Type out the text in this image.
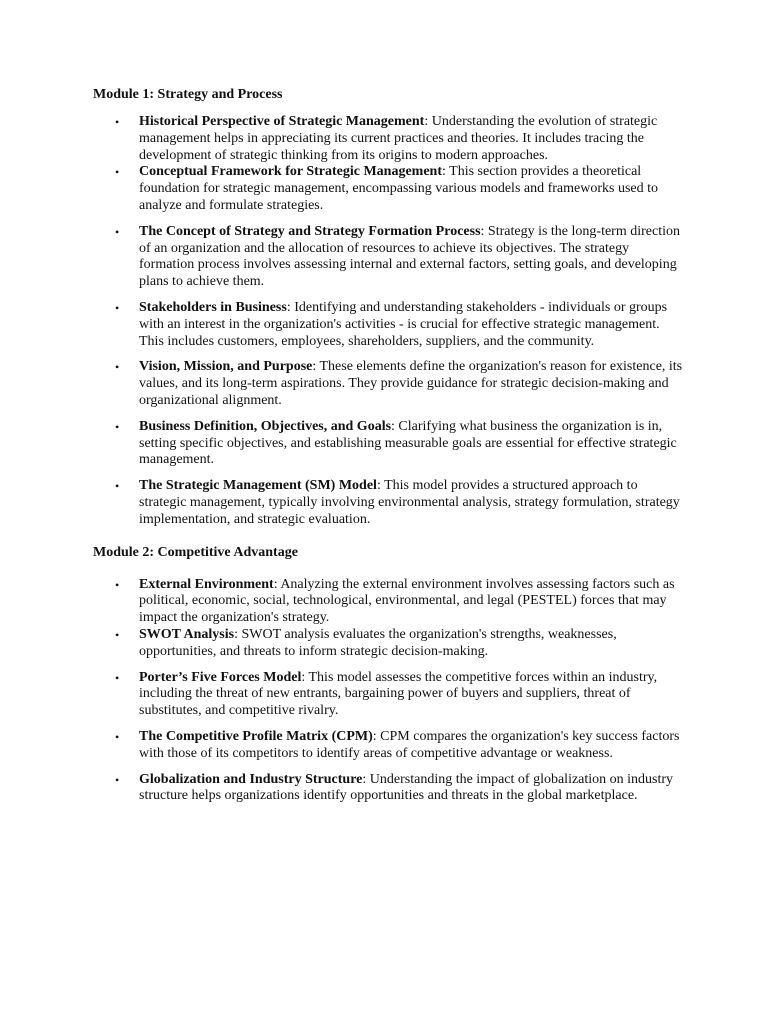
Module 1: Strategy and Process
• Historical Perspective of Strategic Management: Understanding the evolution of strategic management helps in appreciating its current practices and theories. It includes tracing the development of strategic thinking from its origins to modern approaches.
• Conceptual Framework for Strategic Management: This section provides a theoretical foundation for strategic management, encompassing various models and frameworks used to analyze and formulate strategies.
• The Concept of Strategy and Strategy Formation Process: Strategy is the long-term direction of an organization and the allocation of resources to achieve its objectives. The strategy formation process involves assessing internal and external factors, setting goals, and developing plans to achieve them.
• Stakeholders in Business: Identifying and understanding stakeholders - individuals or groups with an interest in the organization's activities - is crucial for effective strategic management. This includes customers, employees, shareholders, suppliers, and the community.
• Vision, Mission, and Purpose: These elements define the organization's reason for existence, its values, and its long-term aspirations. They provide guidance for strategic decision-making and organizational alignment.
• Business Definition, Objectives, and Goals: Clarifying what business the organization is in, setting specific objectives, and establishing measurable goals are essential for effective strategic management.
• The Strategic Management (SM) Model: This model provides a structured approach to strategic management, typically involving environmental analysis, strategy formulation, strategy implementation, and strategic evaluation.
Module 2: Competitive Advantage
• External Environment: Analyzing the external environment involves assessing factors such as political, economic, social, technological, environmental, and legal (PESTEL) forces that may impact the organization's strategy.
• SWOT Analysis: SWOT analysis evaluates the organization's strengths, weaknesses, opportunities, and threats to inform strategic decision-making.
• Porter’s Five Forces Model: This model assesses the competitive forces within an industry, including the threat of new entrants, bargaining power of buyers and suppliers, threat of substitutes, and competitive rivalry.
• The Competitive Profile Matrix (CPM): CPM compares the organization's key success factors with those of its competitors to identify areas of competitive advantage or weakness.
• Globalization and Industry Structure: Understanding the impact of globalization on industry structure helps organizations identify opportunities and threats in the global marketplace.
